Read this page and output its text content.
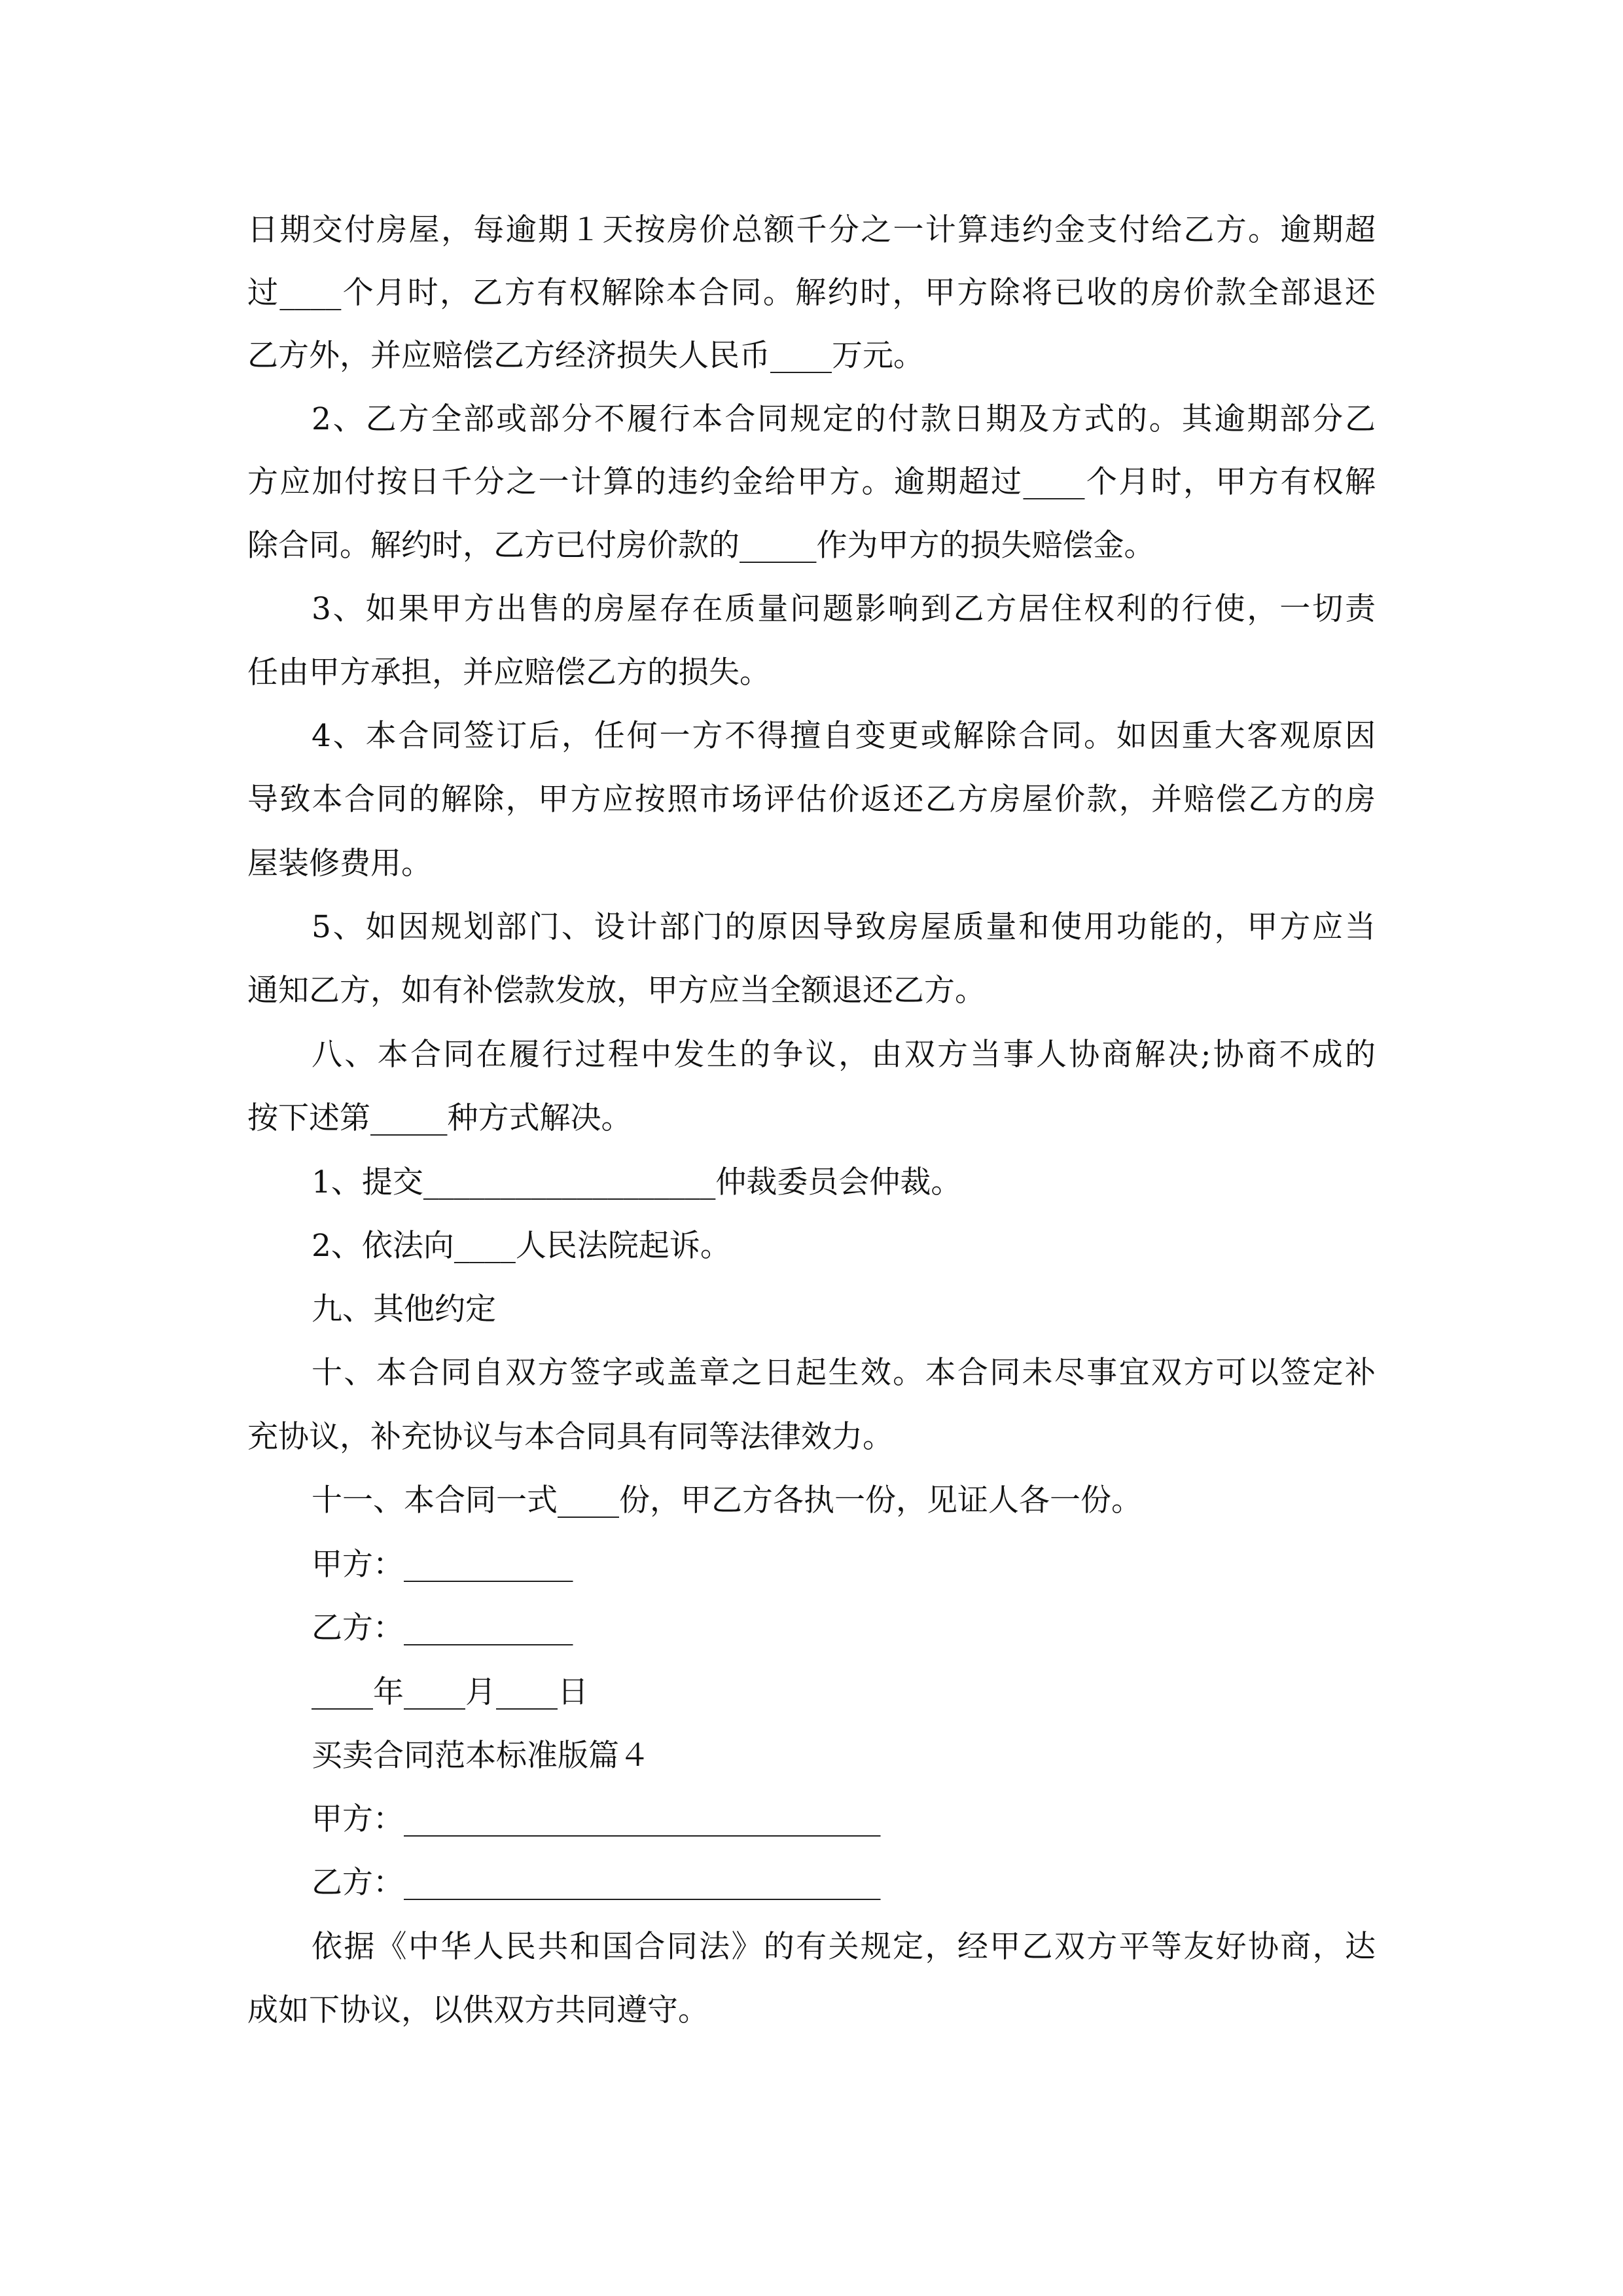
日期交付房屋，每逾期１天按房价总额千分之一计算违约金支付给乙方。逾期超
过____个月时，乙方有权解除本合同。解约时，甲方除将已收的房价款全部退还
乙方外，并应赔偿乙方经济损失人民币____万元。
2、乙方全部或部分不履行本合同规定的付款日期及方式的。其逾期部分乙
方应加付按日千分之一计算的违约金给甲方。逾期超过____个月时，甲方有权解
除合同。解约时，乙方已付房价款的_____作为甲方的损失赔偿金。
3、如果甲方出售的房屋存在质量问题影响到乙方居住权利的行使，一切责
任由甲方承担，并应赔偿乙方的损失。
4、本合同签订后，任何一方不得擅自变更或解除合同。如因重大客观原因
导致本合同的解除，甲方应按照市场评估价返还乙方房屋价款，并赔偿乙方的房
屋装修费用。
5、如因规划部门、设计部门的原因导致房屋质量和使用功能的，甲方应当
通知乙方，如有补偿款发放，甲方应当全额退还乙方。
八、本合同在履行过程中发生的争议，由双方当事人协商解决;协商不成的
按下述第_____种方式解决。
1、提交___________________仲裁委员会仲裁。
2、依法向____人民法院起诉。
九、其他约定
十、本合同自双方签字或盖章之日起生效。本合同未尽事宜双方可以签定补
充协议，补充协议与本合同具有同等法律效力。
十一、本合同一式____份，甲乙方各执一份，见证人各一份。
甲方：___________
乙方：___________
____年____月____日
买卖合同范本标准版篇４
甲方：_______________________________
乙方：_______________________________
依据《中华人民共和国合同法》的有关规定，经甲乙双方平等友好协商，达
成如下协议，以供双方共同遵守。
